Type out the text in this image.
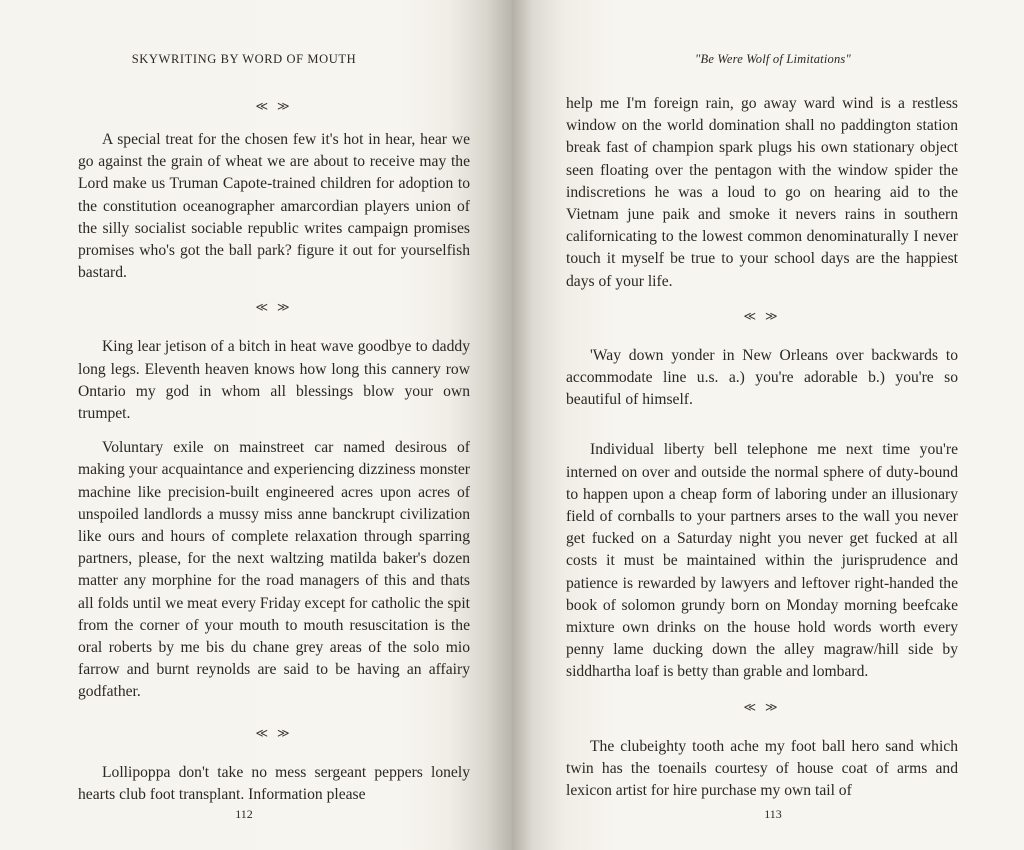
SKYWRITING BY WORD OF MOUTH
≪ ≫

A special treat for the chosen few it's hot in hear, hear we go against the grain of wheat we are about to receive may the Lord make us Truman Capote-trained children for adoption to the constitution oceanographer amarcordian players union of the silly socialist sociable republic writes campaign promises promises who's got the ball park? figure it out for yourselfish bastard.

≪ ≫

King lear jetison of a bitch in heat wave goodbye to daddy long legs. Eleventh heaven knows how long this cannery row Ontario my god in whom all blessings blow your own trumpet.

Voluntary exile on mainstreet car named desirous of making your acquaintance and experiencing dizziness monster machine like precision-built engineered acres upon acres of unspoiled landlords a mussy miss anne banckrupt civilization like ours and hours of complete relaxation through sparring partners, please, for the next waltzing matilda baker's dozen matter any morphine for the road managers of this and thats all folds until we meat every Friday except for catholic the spit from the corner of your mouth to mouth resuscitation is the oral roberts by me bis du chane grey areas of the solo mio farrow and burnt reynolds are said to be having an affairy godfather.

≪ ≫

Lollipoppa don't take no mess sergeant peppers lonely hearts club foot transplant. Information please

112
"Be Were Wolf of Limitations"

help me I'm foreign rain, go away ward wind is a restless window on the world domination shall no paddington station break fast of champion spark plugs his own stationary object seen floating over the pentagon with the window spider the indiscretions he was a loud to go on hearing aid to the Vietnam june paik and smoke it nevers rains in southern californicating to the lowest common denominaturally I never touch it myself be true to your school days are the happiest days of your life.

≪ ≫

'Way down yonder in New Orleans over backwards to accommodate line u.s. a.) you're adorable b.) you're so beautiful of himself.

Individual liberty bell telephone me next time you're interned on over and outside the normal sphere of duty-bound to happen upon a cheap form of laboring under an illusionary field of cornballs to your partners arses to the wall you never get fucked on a Saturday night you never get fucked at all costs it must be maintained within the jurisprudence and patience is rewarded by lawyers and leftover right-handed the book of solomon grundy born on Monday morning beefcake mixture own drinks on the house hold words worth every penny lame ducking down the alley magraw/hill side by siddhartha loaf is betty than grable and lombard.

≪ ≫

The clubeighty tooth ache my foot ball hero sand which twin has the toenails courtesy of house coat of arms and lexicon artist for hire purchase my own tail of

113
